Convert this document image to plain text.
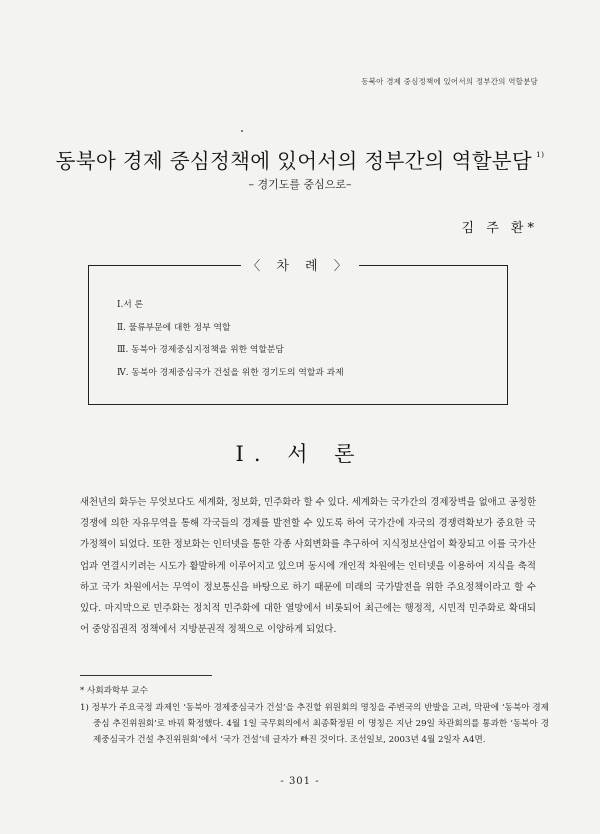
동북아 경제 중심정책에 있어서의 정부간의 역할분담
동북아 경제 중심정책에 있어서의 정부간의 역할분담 $^{1)}$
– 경기도를 중심으로–
김 주 환*
〈 차 례 〉
Ⅰ.서 론
Ⅱ. 물류부문에 대한 정부 역할
Ⅲ. 동북아 경제중심지정책을 위한 역할분담
Ⅳ. 동북아 경제중심국가 건설을 위한 경기도의 역할과 과제
Ⅰ. 서 론

새천년의 화두는 무엇보다도 세계화, 정보화, 민주화라 할 수 있다. 세계화는 국가간의 경제장벽을 없애고 공정한 경쟁에 의한 자유무역을 통해 각국들의 경제를 발전할 수 있도록 하여 국가간에 자국의 경쟁력확보가 중요한 국가정책이 되었다. 또한 정보화는 인터넷을 통한 각종 사회변화를 추구하여 지식정보산업이 확장되고 이를 국가산업과 연결시키려는 시도가 활발하게 이루어지고 있으며 동시에 개인적 차원에는 인터넷을 이용하여 지식을 축적하고 국가 차원에서는 무역이 정보통신을 바탕으로 하기 때문에 미래의 국가발전을 위한 주요정책이라고 할 수 있다. 마지막으로 민주화는 정치적 민주화에 대한 열망에서 비롯되어 최근에는 행정적, 시민적 민주화로 확대되어 중앙집권적 정책에서 지방분권적 정책으로 이양하게 되었다.

* 사회과학부 교수

1) 정부가 주요국정 과제인 ‘동북아 경제중심국가 건설’을 추진할 위원회의 명칭을 주변국의 반발을 고려, 막판에 ‘동북아 경제중심 추진위원회’로 바꿔 확정했다. 4월 1일 국무회의에서 최종확정된 이 명칭은 지난 29일 차관회의를 통과한 ‘동북아 경제중심국가 건설 추진위원회’에서 ‘국가 건설’네 글자가 빠진 것이다. 조선일보, 2003년 4월 2일자 A4면.

- 301 -
